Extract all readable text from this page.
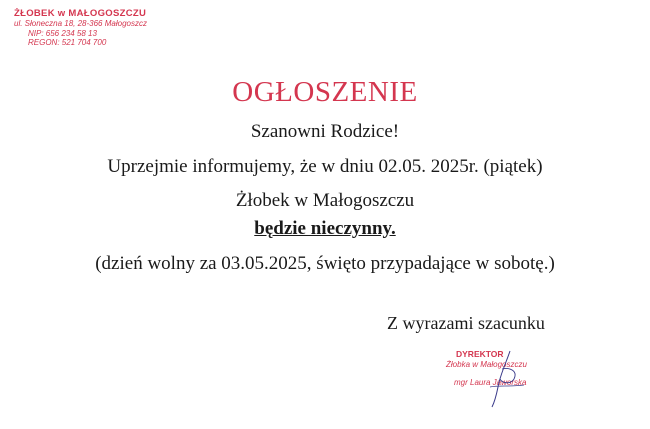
ŻŁOBEK w MAŁOGOSZCZU
ul. Słoneczna 18, 28-366 Małogoszcz
NIP: 656 234 58 13
REGON: 521 704 700
OGŁOSZENIE
Szanowni Rodzice!
Uprzejmie informujemy, że w dniu 02.05. 2025r. (piątek)
Żłobek w Małogoszczu
będzie nieczynny.
(dzień wolny za 03.05.2025, święto przypadające w sobotę.)
Z wyrazami szacunku
DYREKTOR
Żłobka w Małogoszczu
mgr Laura Jaworska
